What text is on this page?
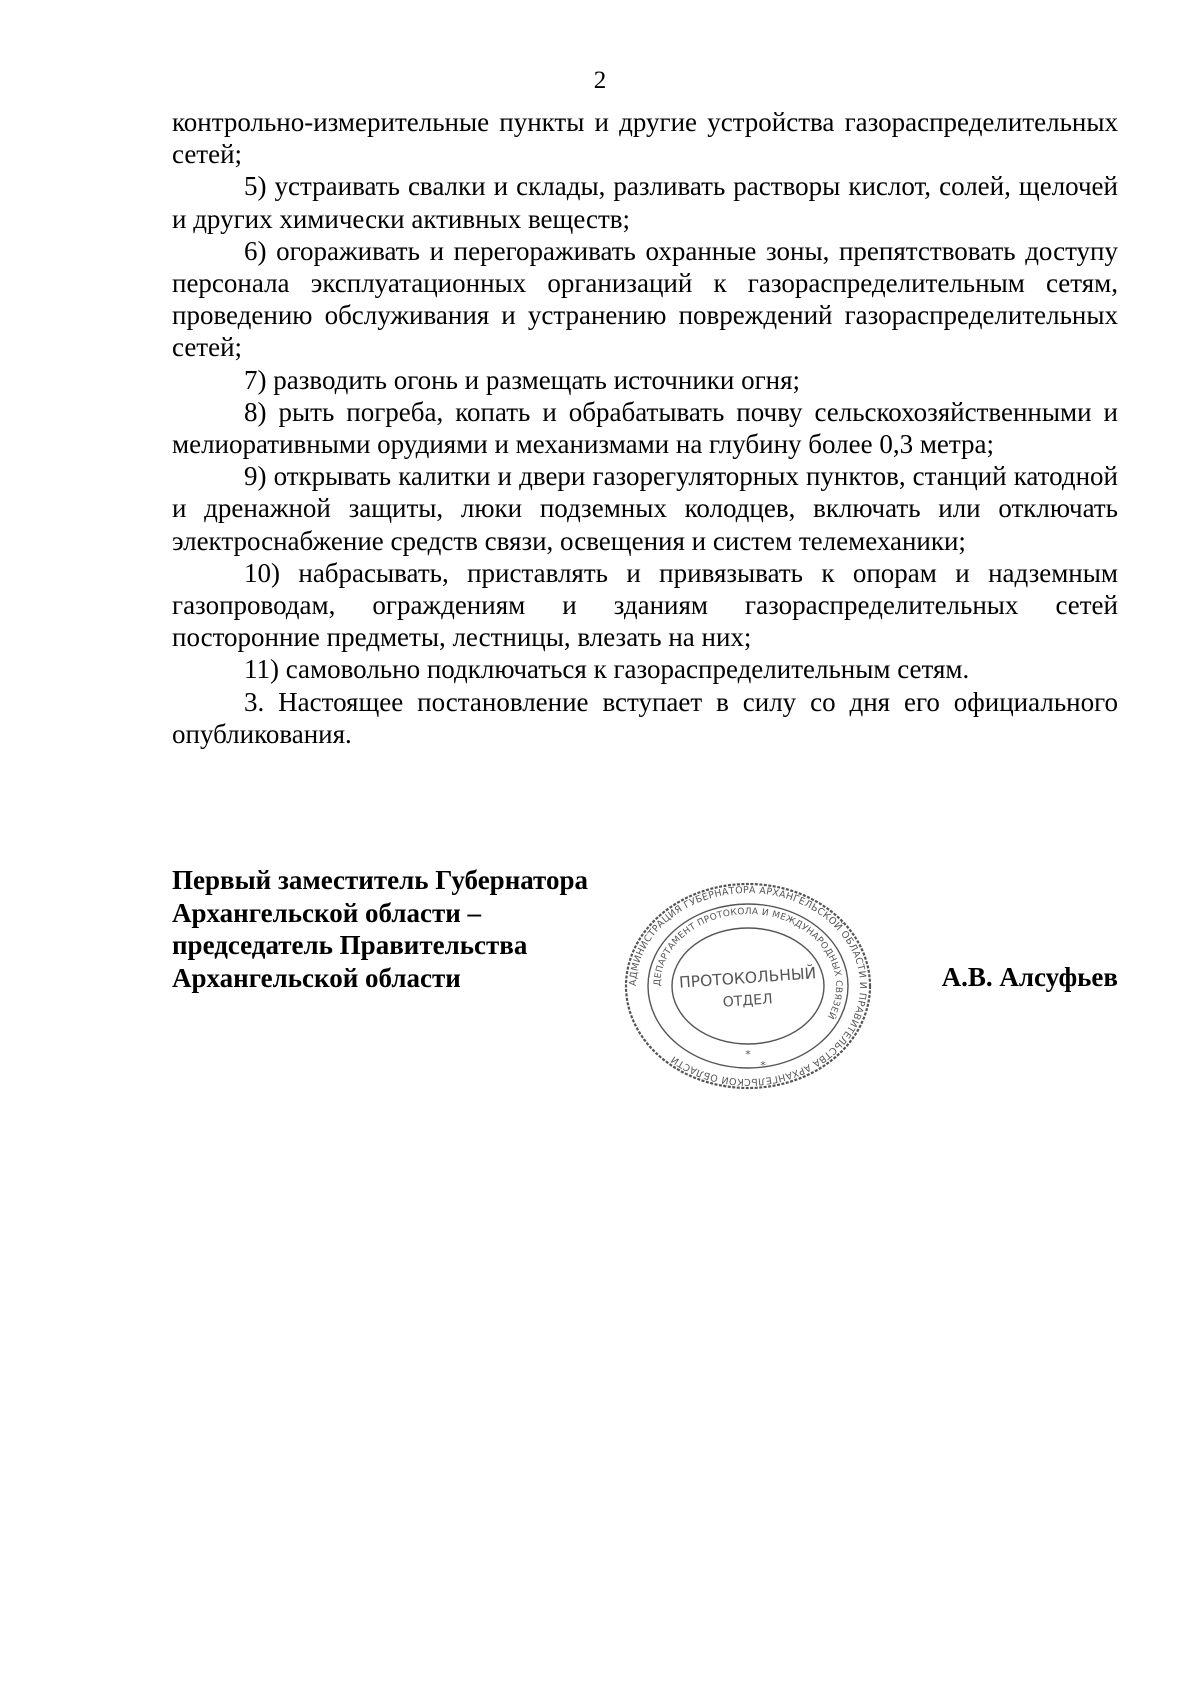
2

контрольно-измерительные пункты и другие устройства газораспределительных сетей;

5) устраивать свалки и склады, разливать растворы кислот, солей, щелочей и других химически активных веществ;

6) огораживать и перегораживать охранные зоны, препятствовать доступу персонала эксплуатационных организаций к газораспределительным сетям, проведению обслуживания и устранению повреждений газораспределительных сетей;

7) разводить огонь и размещать источники огня;

8) рыть погреба, копать и обрабатывать почву сельскохозяйственными и мелиоративными орудиями и механизмами на глубину более 0,3 метра;

9) открывать калитки и двери газорегуляторных пунктов, станций катодной и дренажной защиты, люки подземных колодцев, включать или отключать электроснабжение средств связи, освещения и систем телемеханики;

10) набрасывать, приставлять и привязывать к опорам и надземным газопроводам, ограждениям и зданиям газораспределительных сетей посторонние предметы, лестницы, влезать на них;

11) самовольно подключаться к газораспределительным сетям.

3. Настоящее постановление вступает в силу со дня его официального опубликования.

Первый заместитель Губернатора
Архангельской области –
председатель Правительства
Архангельской области	АДМИНИСТРАЦИЯ ГУБЕРНАТОРА АРХАНГЕЛЬСКОЙ ОБЛАСТИ И ПРАВИТЕЛЬСТВА АРХАНГЕЛЬСКОЙ ОБЛАСТИ
ДЕПАРТАМЕНТ ПРОТОКОЛА И МЕЖДУНАРОДНЫХ СВЯЗЕЙ
ПРОТОКОЛЬНЫЙ
ОТДЕЛ
*
*
А.В. Алсуфьев
